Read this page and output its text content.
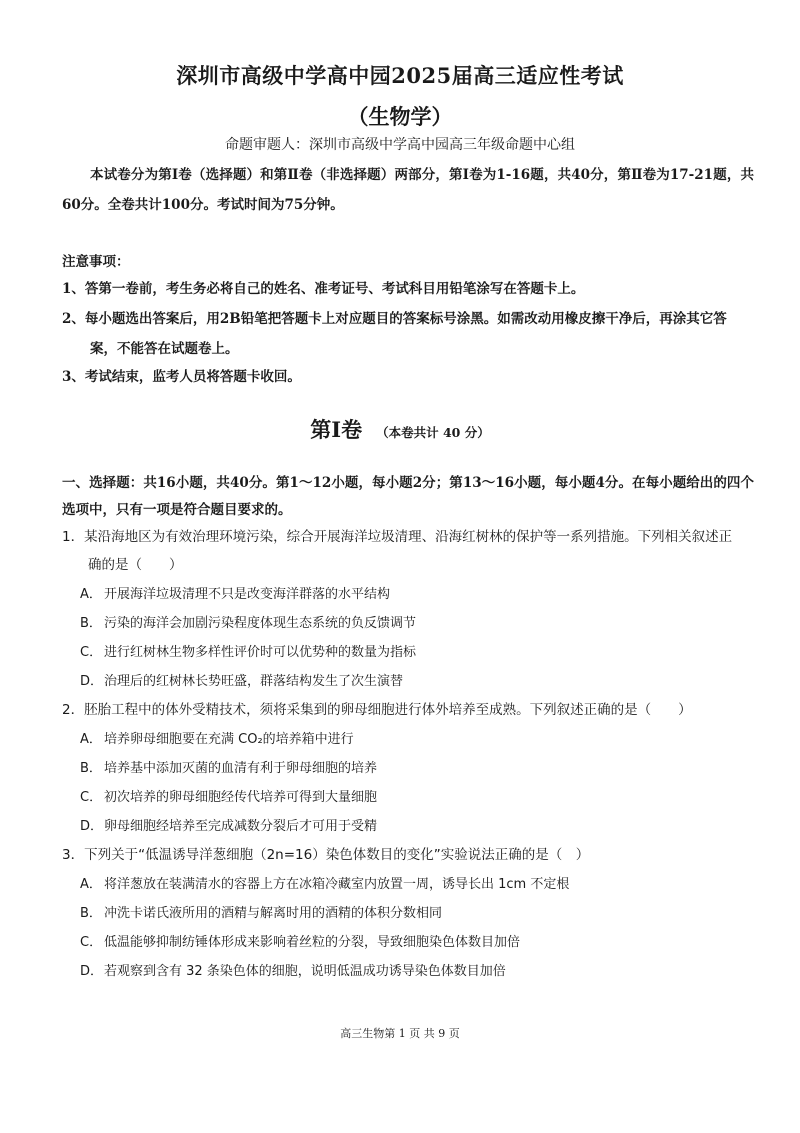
深圳市高级中学高中园2025届高三适应性考试
（生物学）
命题审题人：深圳市高级中学高中园高三年级命题中心组
本试卷分为第Ⅰ卷（选择题）和第Ⅱ卷（非选择题）两部分，第Ⅰ卷为1-16题，共40分，第Ⅱ卷为17-21题，共60分。全卷共计100分。考试时间为75分钟。
注意事项：
1、答第一卷前，考生务必将自己的姓名、准考证号、考试科目用铅笔涂写在答题卡上。
2、每小题选出答案后，用2B铅笔把答题卡上对应题目的答案标号涂黑。如需改动用橡皮擦干净后，再涂其它答
案，不能答在试题卷上。
3、考试结束，监考人员将答题卡收回。
第Ⅰ卷 （本卷共计 40 分）
一、选择题：共16小题，共40分。第1～12小题，每小题2分；第13～16小题，每小题4分。在每小题给出的四个选项中，只有一项是符合题目要求的。
1．某沿海地区为有效治理环境污染，综合开展海洋垃圾清理、沿海红树林的保护等一系列措施。下列相关叙述正
确的是（　　）
A． 开展海洋垃圾清理不只是改变海洋群落的水平结构
B． 污染的海洋会加剧污染程度体现生态系统的负反馈调节
C． 进行红树林生物多样性评价时可以优势种的数量为指标
D．治理后的红树林长势旺盛，群落结构发生了次生演替
2．胚胎工程中的体外受精技术，须将采集到的卵母细胞进行体外培养至成熟。下列叙述正确的是（　　）
A． 培养卵母细胞要在充满 CO₂的培养箱中进行
B． 培养基中添加灭菌的血清有利于卵母细胞的培养
C． 初次培养的卵母细胞经传代培养可得到大量细胞
D．卵母细胞经培养至完成减数分裂后才可用于受精
3．下列关于“低温诱导洋葱细胞（2n=16）染色体数目的变化”实验说法正确的是（　）
A． 将洋葱放在装满清水的容器上方在冰箱冷藏室内放置一周，诱导长出 1cm 不定根
B． 冲洗卡诺氏液所用的酒精与解离时用的酒精的体积分数相同
C． 低温能够抑制纺锤体形成来影响着丝粒的分裂，导致细胞染色体数目加倍
D．若观察到含有 32 条染色体的细胞，说明低温成功诱导染色体数目加倍
高三生物第 1 页 共 9 页
